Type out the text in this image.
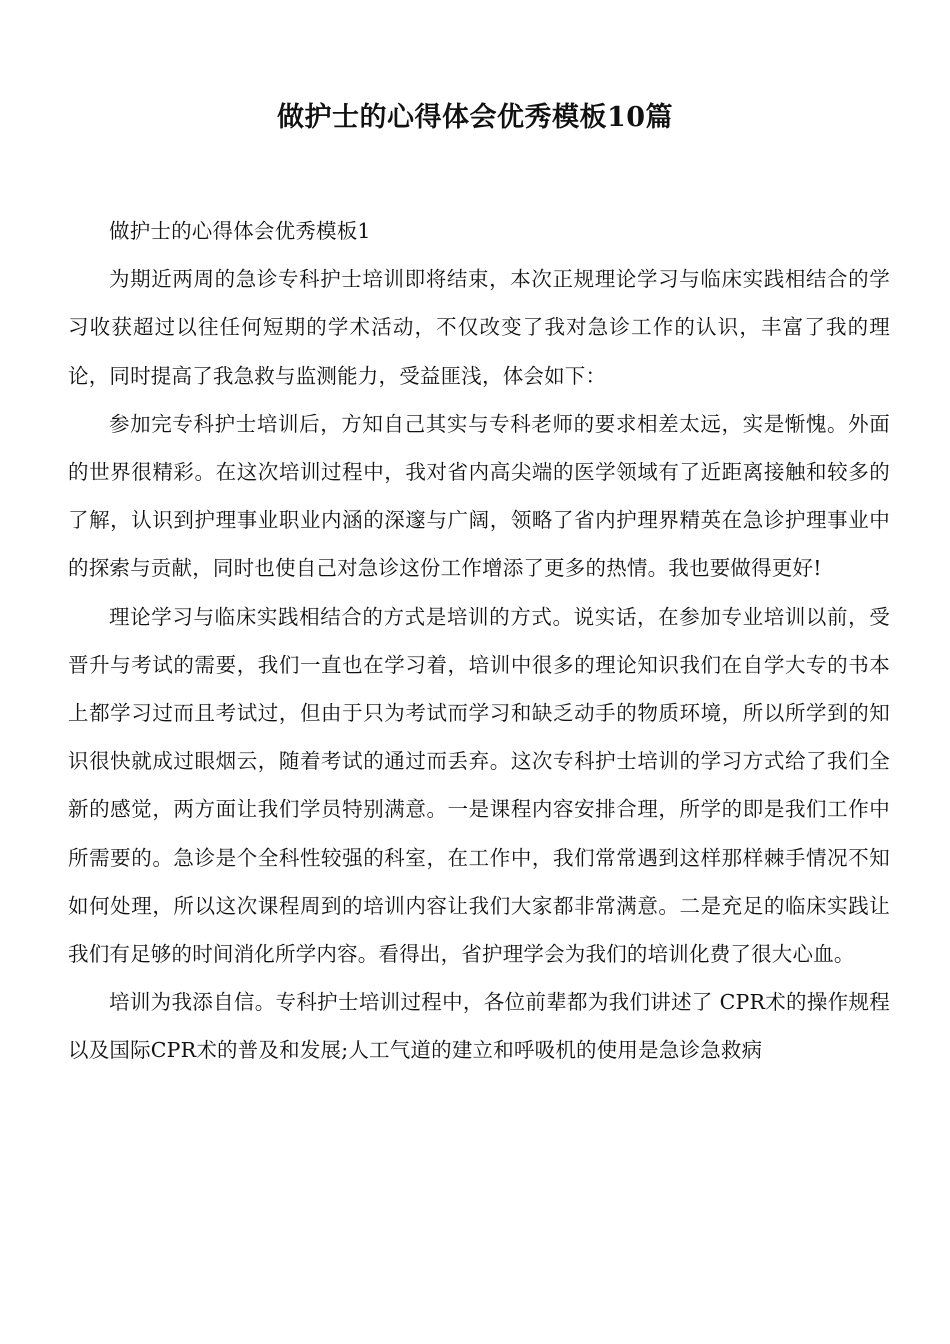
做护士的心得体会优秀模板10篇

做护士的心得体会优秀模板1

为期近两周的急诊专科护士培训即将结束，本次正规理论学习与临床实践相结合的学习收获超过以往任何短期的学术活动，不仅改变了我对急诊工作的认识，丰富了我的理论，同时提高了我急救与监测能力，受益匪浅，体会如下：

参加完专科护士培训后，方知自己其实与专科老师的要求相差太远，实是惭愧。外面的世界很精彩。在这次培训过程中，我对省内高尖端的医学领域有了近距离接触和较多的了解，认识到护理事业职业内涵的深邃与广阔，领略了省内护理界精英在急诊护理事业中的探索与贡献，同时也使自己对急诊这份工作增添了更多的热情。我也要做得更好!

理论学习与临床实践相结合的方式是培训的方式。说实话，在参加专业培训以前，受晋升与考试的需要，我们一直也在学习着，培训中很多的理论知识我们在自学大专的书本上都学习过而且考试过，但由于只为考试而学习和缺乏动手的物质环境，所以所学到的知识很快就成过眼烟云，随着考试的通过而丢弃。这次专科护士培训的学习方式给了我们全新的感觉，两方面让我们学员特别满意。一是课程内容安排合理，所学的即是我们工作中所需要的。急诊是个全科性较强的科室，在工作中，我们常常遇到这样那样棘手情况不知如何处理，所以这次课程周到的培训内容让我们大家都非常满意。二是充足的临床实践让我们有足够的时间消化所学内容。看得出，省护理学会为我们的培训化费了很大心血。

培训为我添自信。专科护士培训过程中，各位前辈都为我们讲述了 CPR术的操作规程以及国际CPR术的普及和发展;人工气道的建立和呼吸机的使用是急诊急救病
